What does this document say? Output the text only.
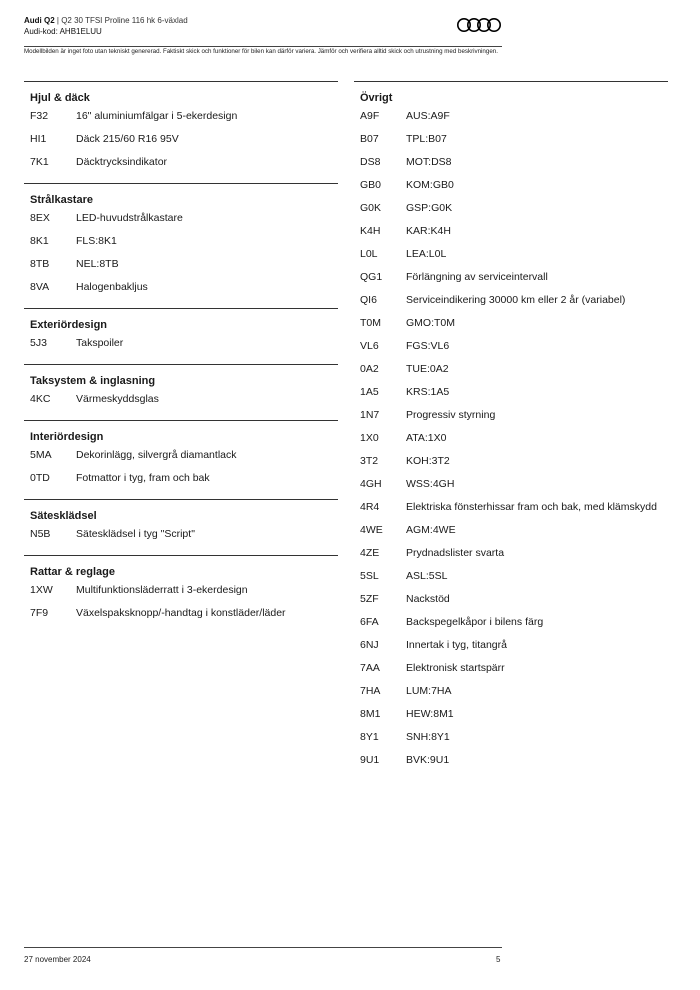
Audi Q2 | Q2 30 TFSI Proline 116 hk 6-växlad
Audi-kod: AHB1ELUU
Modellbilden är inget foto utan tekniskt genererad. Faktiskt skick och funktioner för bilen kan därför variera. Jämför och verifiera alltid skick och utrustning med beskrivningen.
Hjul & däck
F32	16" aluminiumfälgar i 5-ekerdesign
HI1	Däck 215/60 R16 95V
7K1	Däcktrycksindikator
Strålkastare
8EX	LED-huvudstrålkastare
8K1	FLS:8K1
8TB	NEL:8TB
8VA	Halogenbakljus
Exteriördesign
5J3	Takspoiler
Taksystem & inglasning
4KC	Värmeskyddsglas
Interiördesign
5MA	Dekorinlägg, silvergrå diamantlack
0TD	Fotmattor i tyg, fram och bak
Sätesklädsel
N5B	Sätesklädsel i tyg "Script"
Rattar & reglage
1XW	Multifunktionsläderratt i 3-ekerdesign
7F9	Växelspaksknopp/-handtag i konstläder/läder
Övrigt
A9F	AUS:A9F
B07	TPL:B07
DS8	MOT:DS8
GB0	KOM:GB0
G0K	GSP:G0K
K4H	KAR:K4H
L0L	LEA:L0L
QG1	Förlängning av serviceintervall
QI6	Serviceindikering 30000 km eller 2 år (variabel)
T0M	GMO:T0M
VL6	FGS:VL6
0A2	TUE:0A2
1A5	KRS:1A5
1N7	Progressiv styrning
1X0	ATA:1X0
3T2	KOH:3T2
4GH	WSS:4GH
4R4	Elektriska fönsterhissar fram och bak, med klämskydd
4WE	AGM:4WE
4ZE	Prydnadslister svarta
5SL	ASL:5SL
5ZF	Nackstöd
6FA	Backspegelkåpor i bilens färg
6NJ	Innertak i tyg, titangrå
7AA	Elektronisk startspärr
7HA	LUM:7HA
8M1	HEW:8M1
8Y1	SNH:8Y1
9U1	BVK:9U1
27 november 2024	5
